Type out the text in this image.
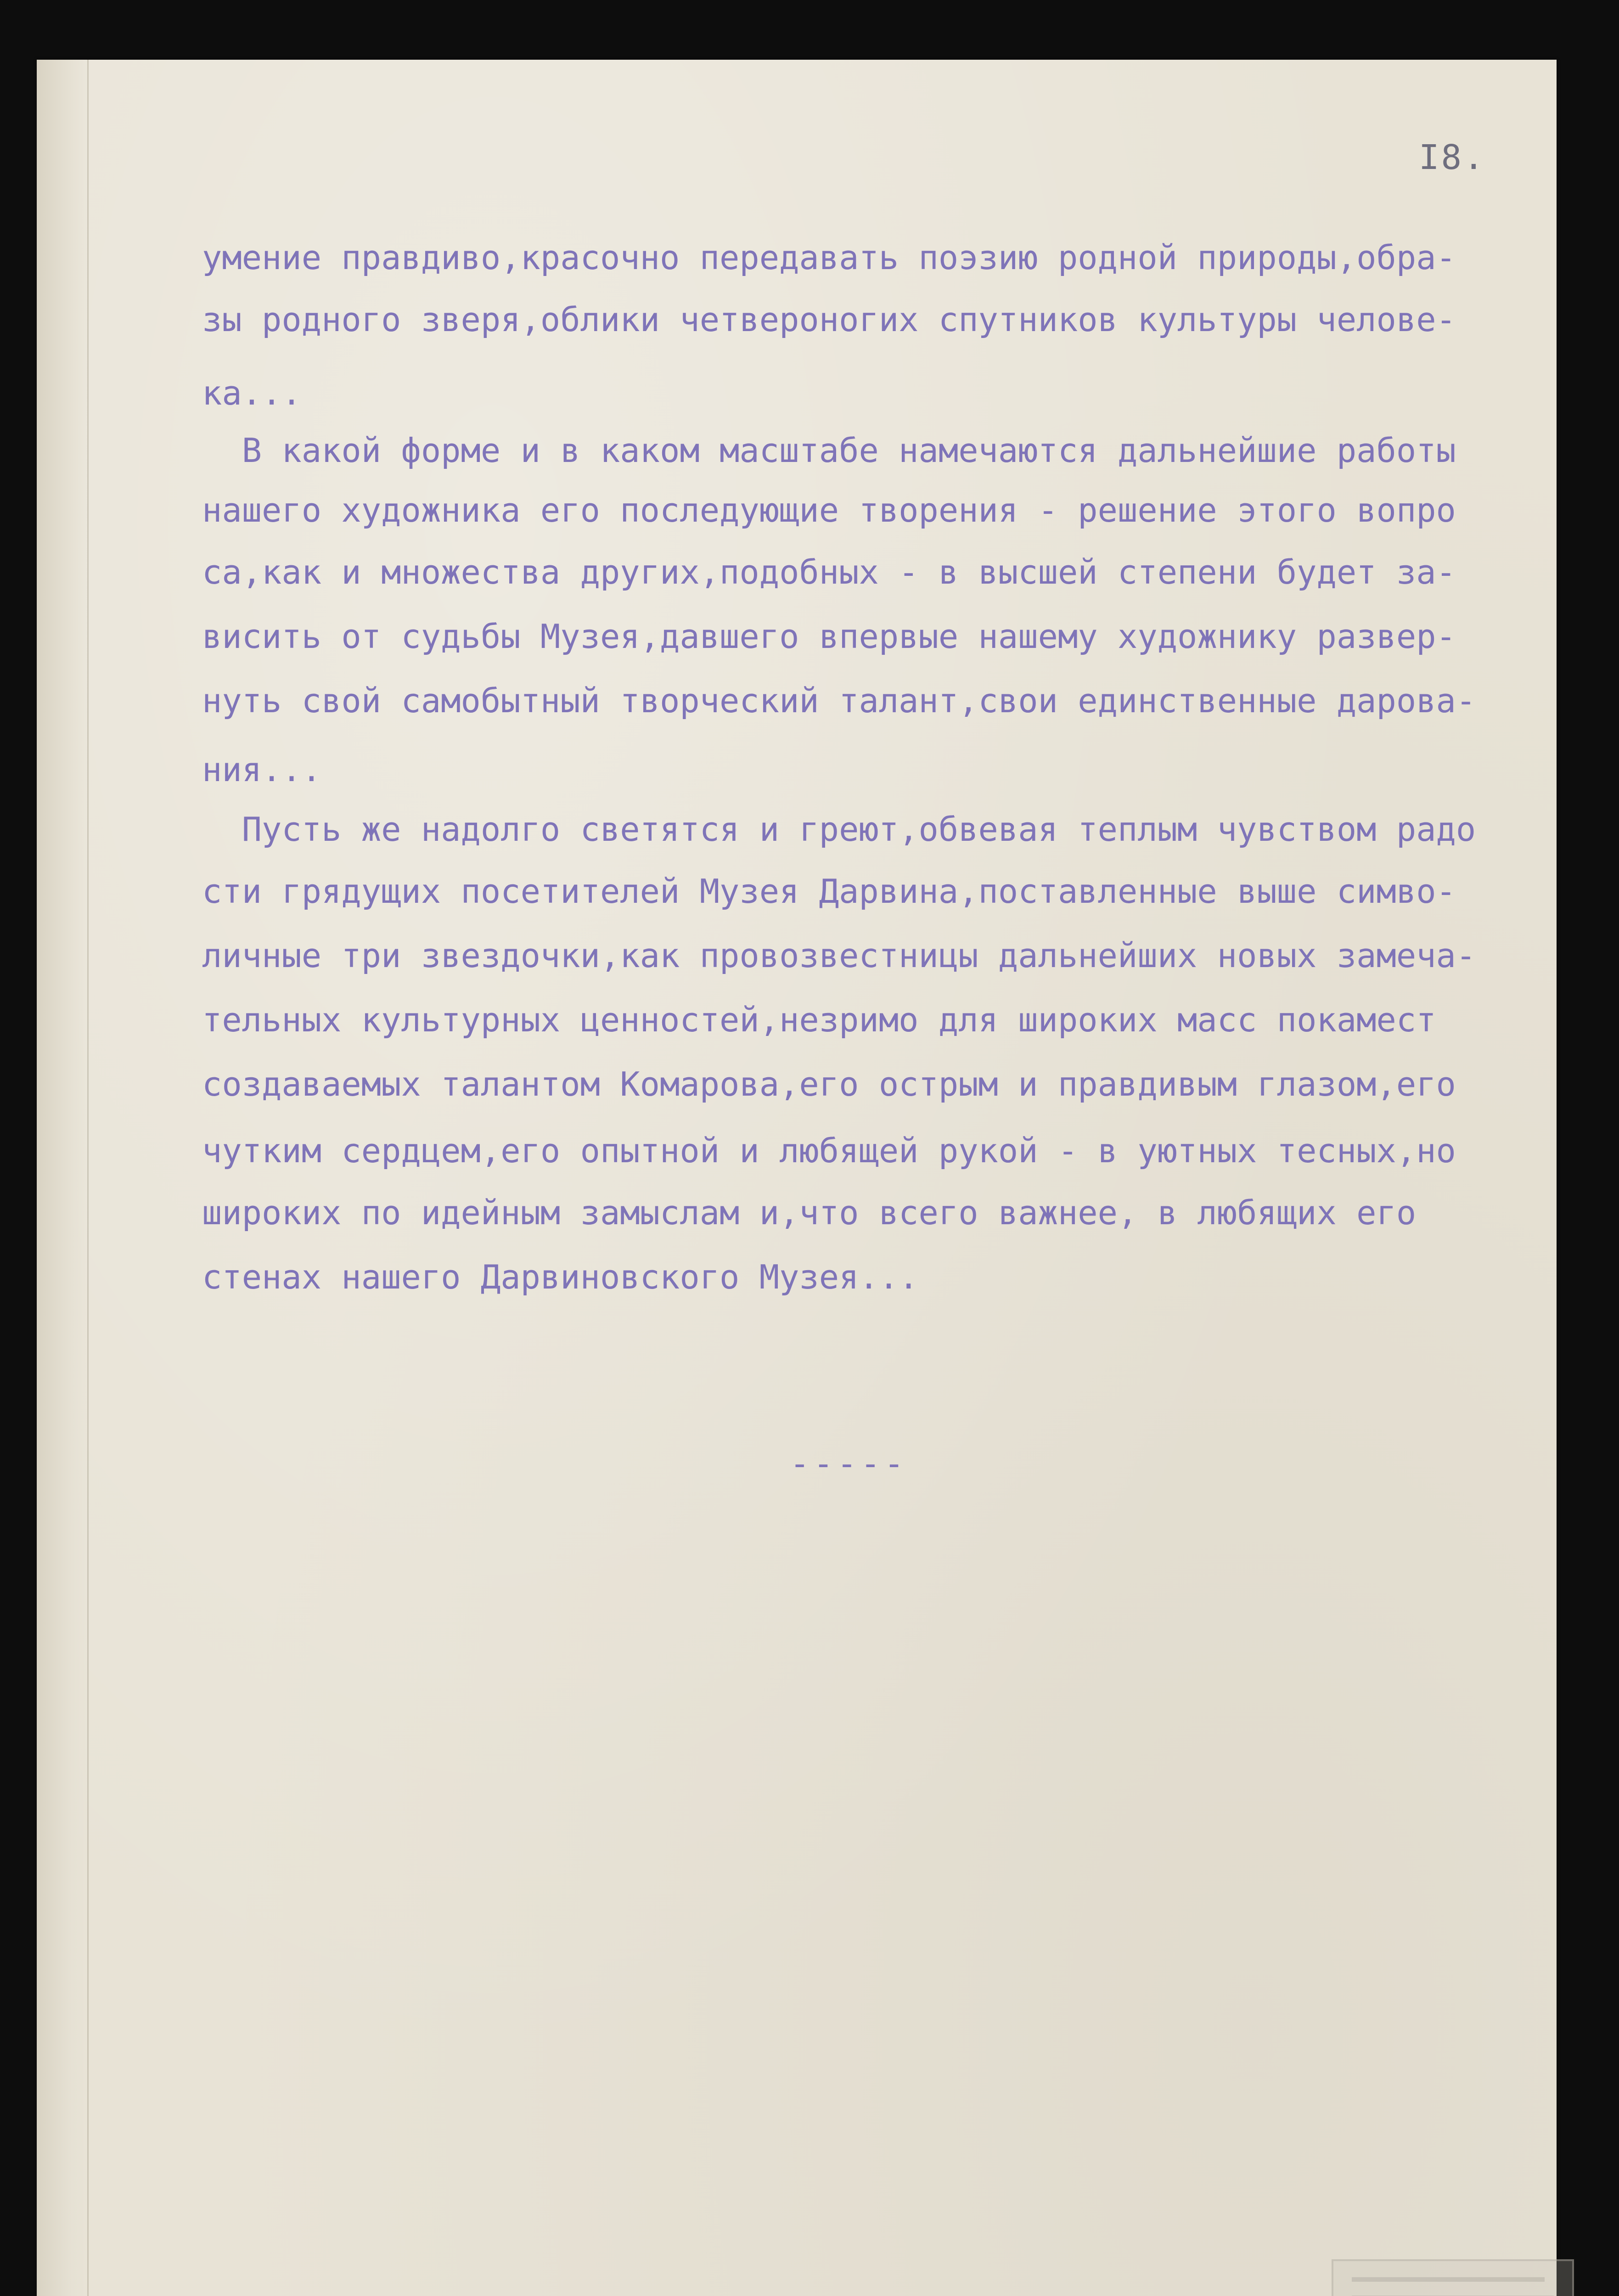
I8.
умение правдиво,красочно передавать поэзию родной природы,обра-
зы родного зверя,облики четвероногих спутников культуры челове-
ка...
В какой форме и в каком масштабе намечаются дальнейшие работы
нашего художника его последующие творения - решение этого вопро
са,как и множества других,подобных - в высшей степени будет за-
висить от судьбы Музея,давшего впервые нашему художнику развер-
нуть свой самобытный творческий талант,свои единственные дарова-
ния...
Пусть же надолго светятся и греют,обвевая теплым чувством радо
сти грядущих посетителей Музея Дарвина,поставленные выше симво-
личные три звездочки,как провозвестницы дальнейших новых замеча-
тельных культурных ценностей,незримо для широких масс покамест
создаваемых талантом Комарова,его острым и правдивым глазом,его
чутким сердцем,его опытной и любящей рукой - в уютных тесных,но
широких по идейным замыслам и,что всего важнее, в любящих его
стенах нашего Дарвиновского Музея...
-----
